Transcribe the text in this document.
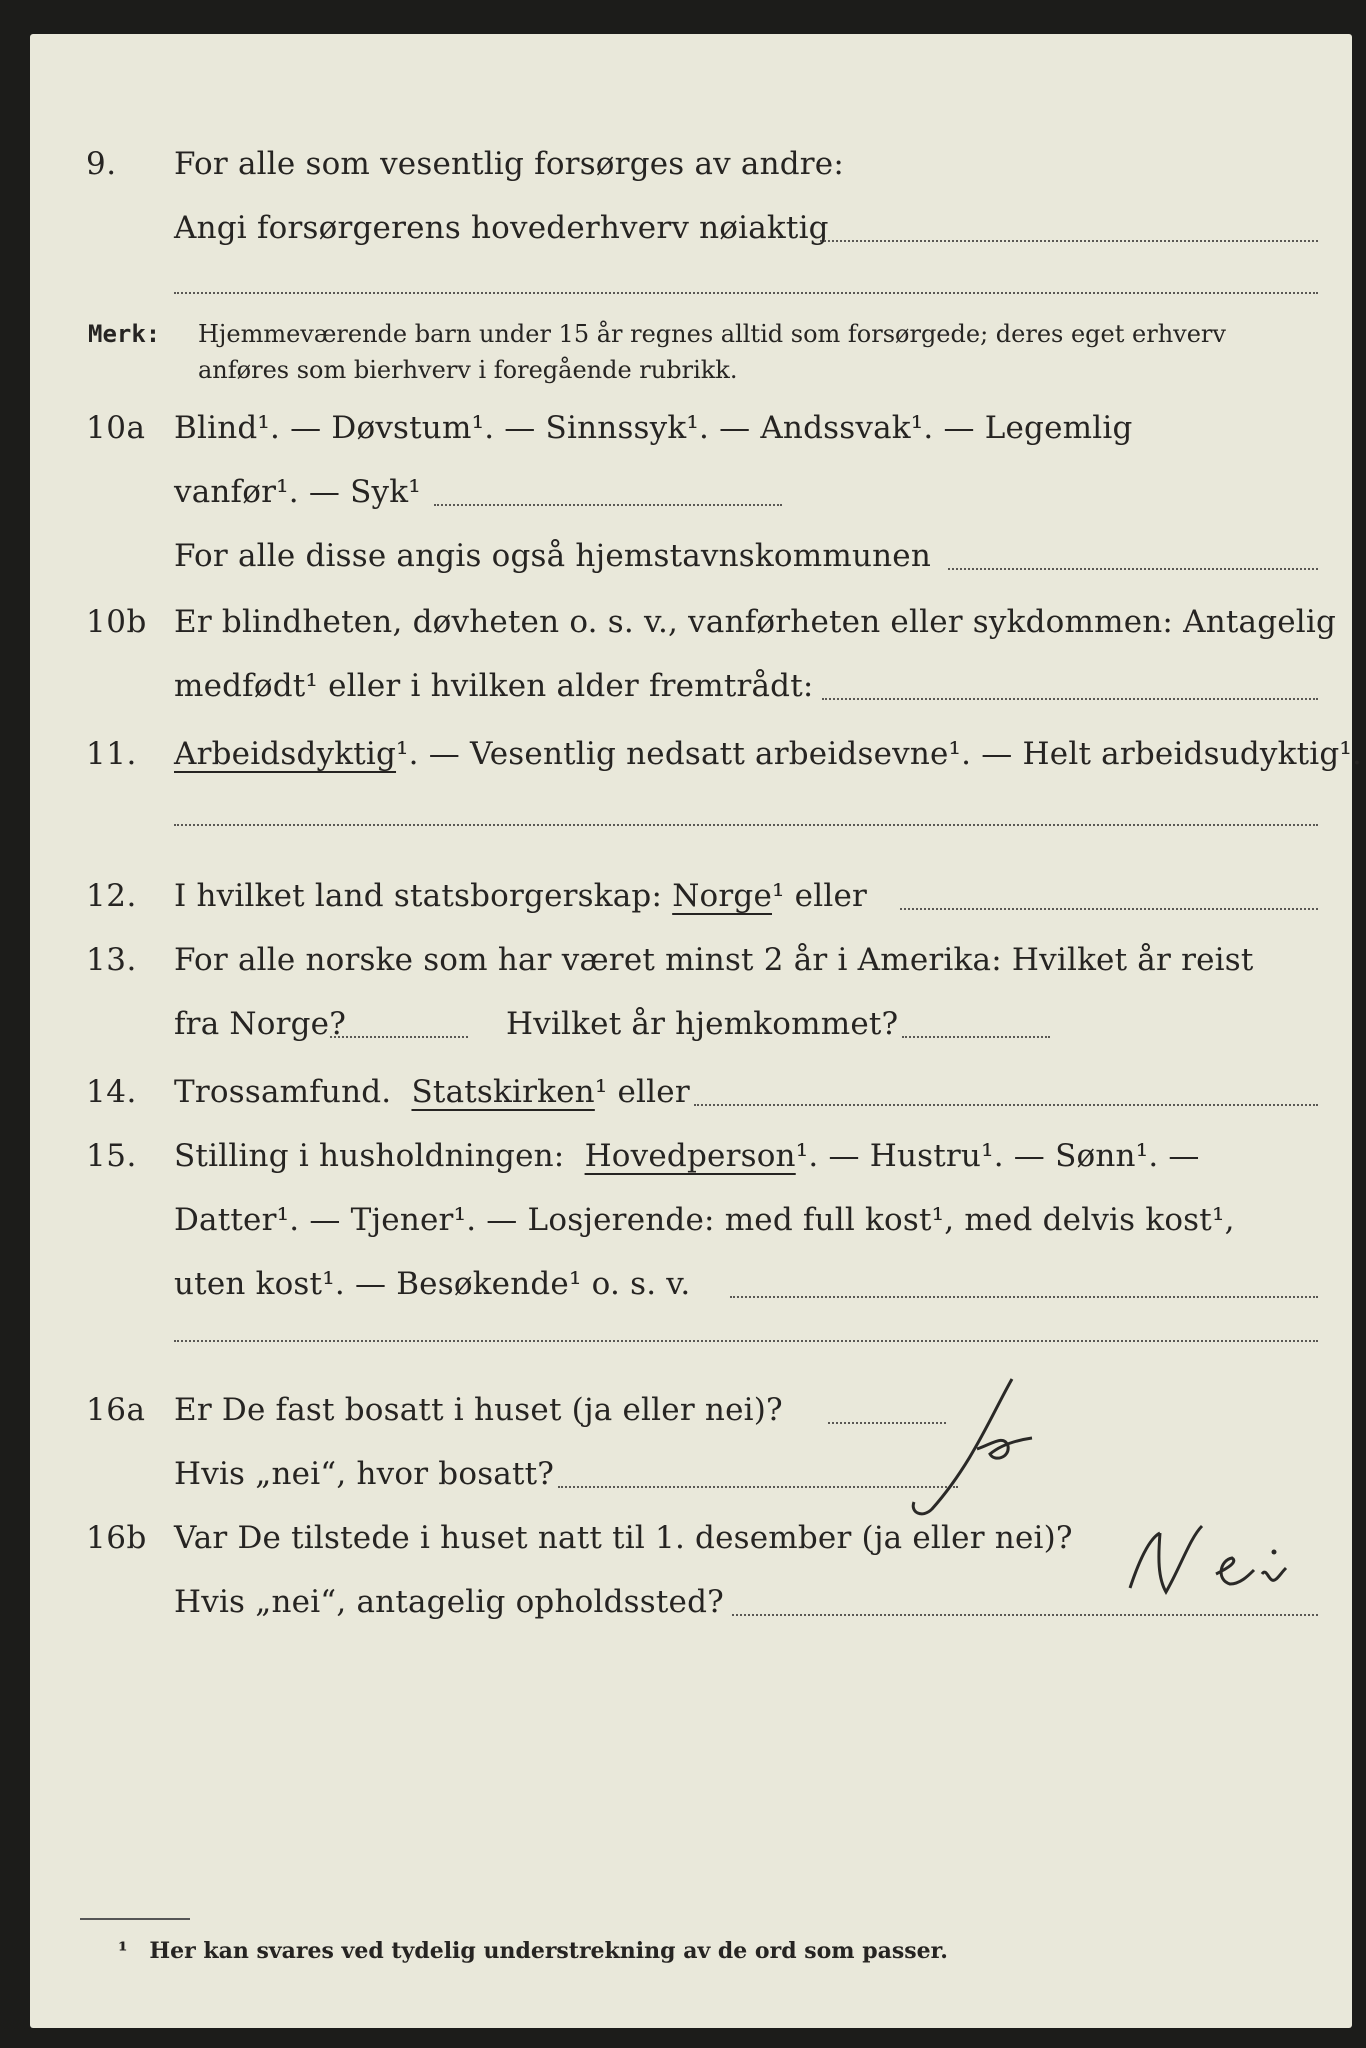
9. For alle som vesentlig forsørges av andre:
Angi forsørgerens hovederhverv nøiaktig
Merk: Hjemmeværende barn under 15 år regnes alltid som forsørgede; deres eget erhverv
anføres som bierhverv i foregående rubrikk.
10a Blind¹. — Døvstum¹. — Sinnssyk¹. — Andssvak¹. — Legemlig
vanfør¹. — Syk¹
For alle disse angis også hjemstavnskommunen
10b Er blindheten, døvheten o. s. v., vanførheten eller sykdommen: Antagelig
medfødt¹ eller i hvilken alder fremtrådt:
11. Arbeidsdyktig¹. — Vesentlig nedsatt arbeidsevne¹. — Helt arbeidsudyktig¹.
12. I hvilket land statsborgerskap: Norge¹ eller
13. For alle norske som har været minst 2 år i Amerika: Hvilket år reist
fra Norge?	Hvilket år hjemkommet?
14. Trossamfund. Statskirken¹ eller
15. Stilling i husholdningen: Hovedperson¹. — Hustru¹. — Sønn¹. —
Datter¹. — Tjener¹. — Losjerende: med full kost¹, med delvis kost¹,
uten kost¹. — Besøkende¹ o. s. v.
16a Er De fast bosatt i huset (ja eller nei)?
Hvis „nei“, hvor bosatt?
16b Var De tilstede i huset natt til 1. desember (ja eller nei)?
Hvis „nei“, antagelig opholdssted?
¹ Her kan svares ved tydelig understrekning av de ord som passer.
